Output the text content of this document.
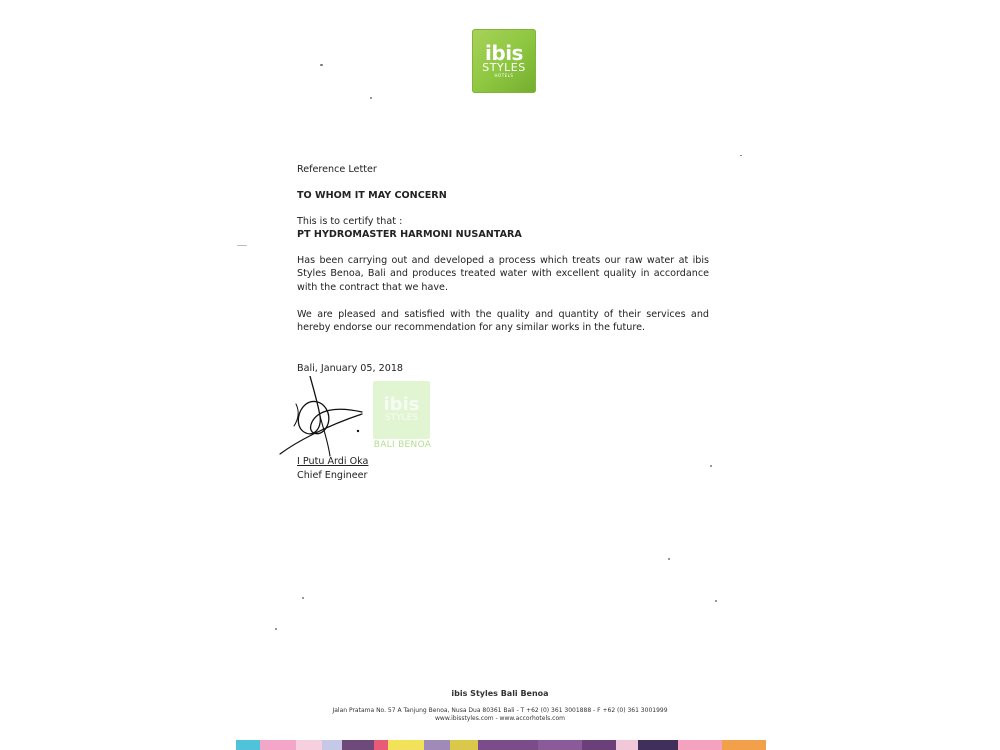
ibis
STYLES
HOTELS
Reference Letter
TO WHOM IT MAY CONCERN
This is to certify that :
PT HYDROMASTER HARMONI NUSANTARA
Has been carrying out and developed a process which treats our raw water at ibis Styles Benoa, Bali and produces treated water with excellent quality in accordance with the contract that we have.
We are pleased and satisfied with the quality and quantity of their services and hereby endorse our recommendation for any similar works in the future.
Bali, January 05, 2018
ibis
STYLES
BALI BENOA
I Putu Ardi Oka
Chief Engineer
ibis Styles Bali Benoa
Jalan Pratama No. 57 A Tanjung Benoa, Nusa Dua 80361 Bali - T +62 (0) 361 3001888 - F +62 (0) 361 3001999
www.ibisstyles.com - www.accorhotels.com
